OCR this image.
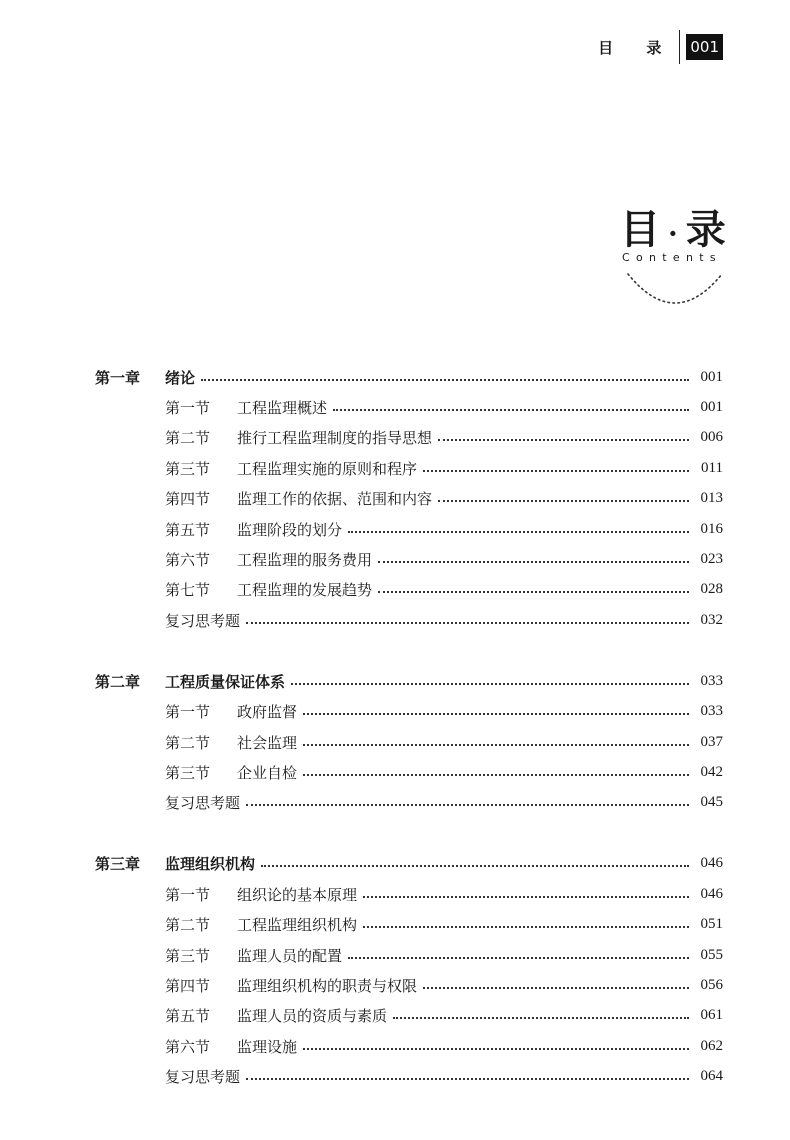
目 录 001
目 · 录
Contents
第一章 绪论	001
第一节	工程监理概述	001
第二节	推行工程监理制度的指导思想	006
第三节	工程监理实施的原则和程序	011
第四节	监理工作的依据、范围和内容	013
第五节	监理阶段的划分	016
第六节	工程监理的服务费用	023
第七节	工程监理的发展趋势	028
复习思考题	032
第二章 工程质量保证体系	033
第一节	政府监督	033
第二节	社会监理	037
第三节	企业自检	042
复习思考题	045
第三章 监理组织机构	046
第一节	组织论的基本原理	046
第二节	工程监理组织机构	051
第三节	监理人员的配置	055
第四节	监理组织机构的职责与权限	056
第五节	监理人员的资质与素质	061
第六节	监理设施	062
复习思考题	064
